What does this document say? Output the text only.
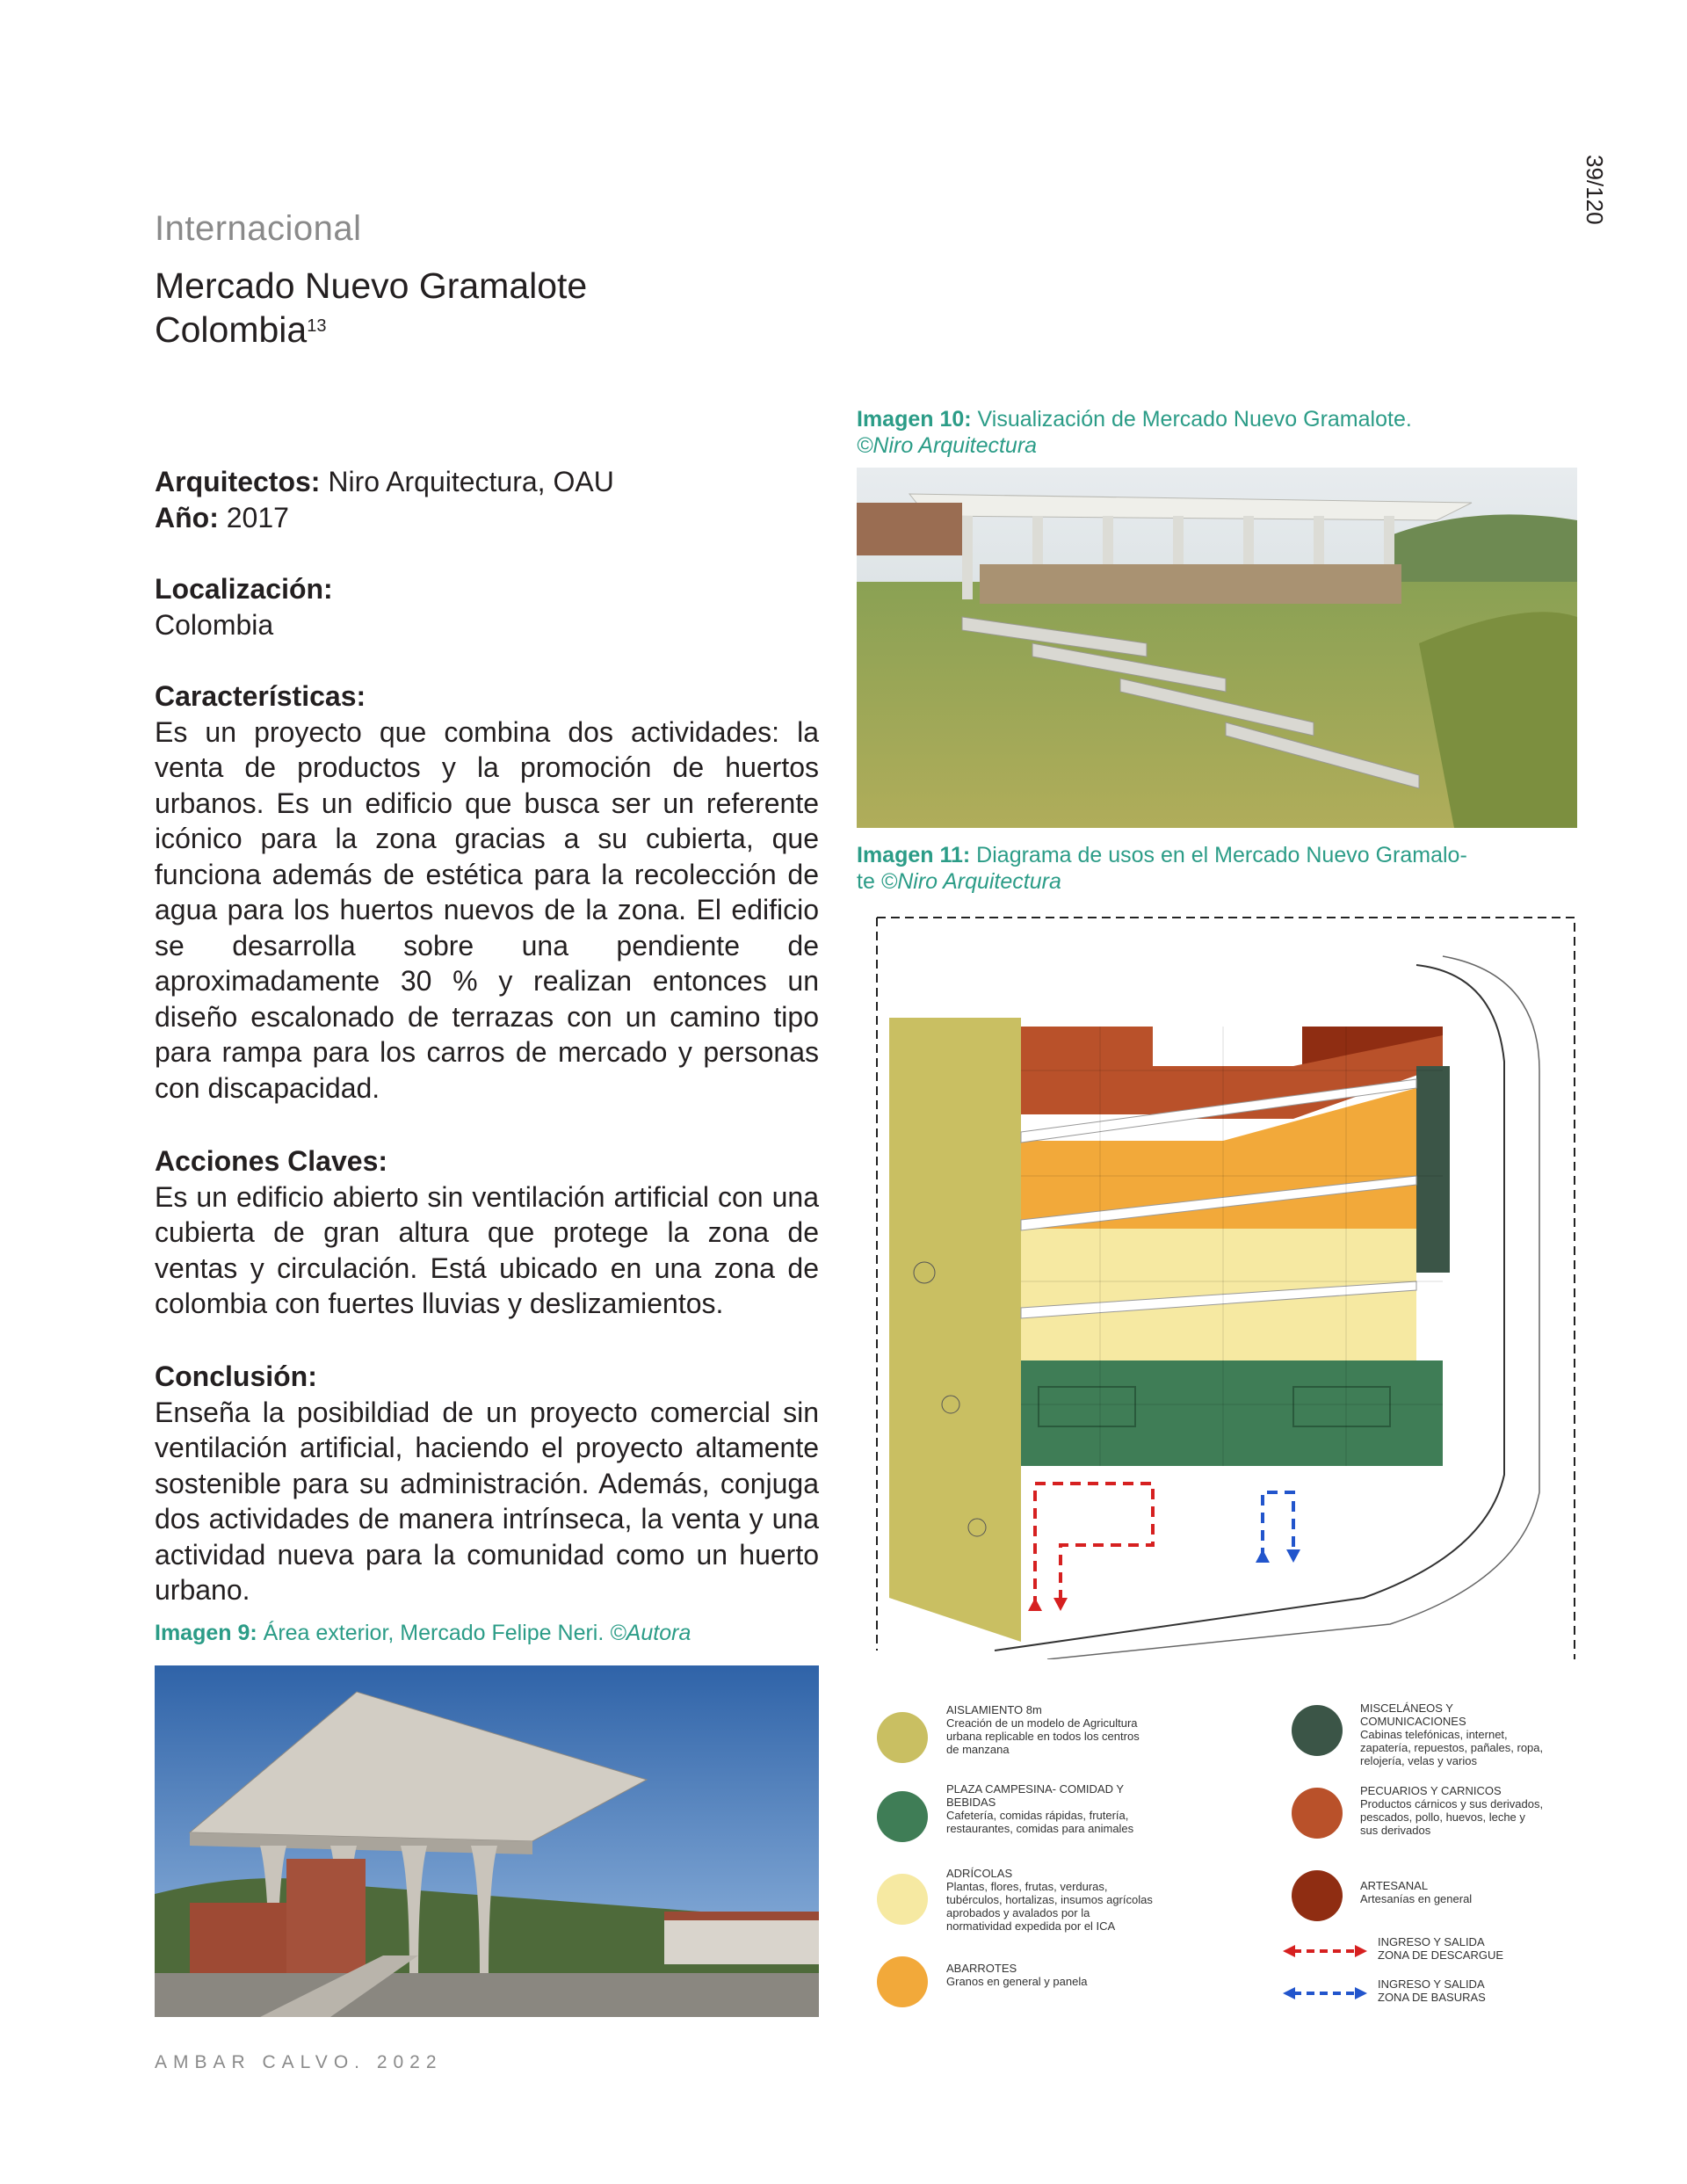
39/120
Internacional
Mercado Nuevo Gramalote
Colombia$^{13}$
Arquitectos: Niro Arquitectura, OAU
Año: 2017
Localización:
Colombia
Características:
Es un proyecto que combina dos actividades: la venta de productos y la promoción de huertos urbanos. Es un edificio que busca ser un referente icónico para la zona gracias a su cubierta, que funciona además de estética para la recolección de agua para los huertos nuevos de la zona. El edificio se desarrolla sobre una pendiente de aproximadamente 30 % y realizan entonces un diseño escalonado de terrazas con un camino tipo para rampa para los carros de mercado y personas con discapacidad.
Acciones Claves:
Es un edificio abierto sin ventilación artificial con una cubierta de gran altura que protege la zona de ventas y circulación. Está ubicado en una zona de colombia con fuertes lluvias y deslizamientos.
Conclusión:
Enseña la posibildiad de un proyecto comercial sin ventilación artificial, haciendo el proyecto altamente sostenible para su administración. Además, conjuga dos actividades de manera intrínseca, la venta y una actividad nueva para la comunidad como un huerto urbano.
Imagen 9: Área exterior, Mercado Felipe Neri. ©Autora
Imagen 10: Visualización de Mercado Nuevo Gramalote.
©Niro Arquitectura
Imagen 11: Diagrama de usos en el Mercado Nuevo Gramalo-
te ©Niro Arquitectura
AISLAMIENTO 8m
Creación de un modelo de Agricultura urbana replicable en todos los centros de manzana
PLAZA CAMPESINA- COMIDAD Y BEBIDAS
Cafetería, comidas rápidas, frutería, restaurantes, comidas para animales
ADRÍCOLAS
Plantas, flores, frutas, verduras, tubérculos, hortalizas, insumos agrícolas aprobados y avalados por la normatividad expedida por el ICA
ABARROTES
Granos en general y panela
MISCELÁNEOS Y COMUNICACIONES
Cabinas telefónicas, internet, zapatería, repuestos, pañales, ropa, relojería, velas y varios
PECUARIOS Y CARNICOS
Productos cárnicos y sus derivados, pescados, pollo, huevos, leche y sus derivados
ARTESANAL
Artesanías en general
INGRESO Y SALIDA
ZONA DE DESCARGUE
INGRESO Y SALIDA
ZONA DE BASURAS
AMBAR CALVO. 2022
